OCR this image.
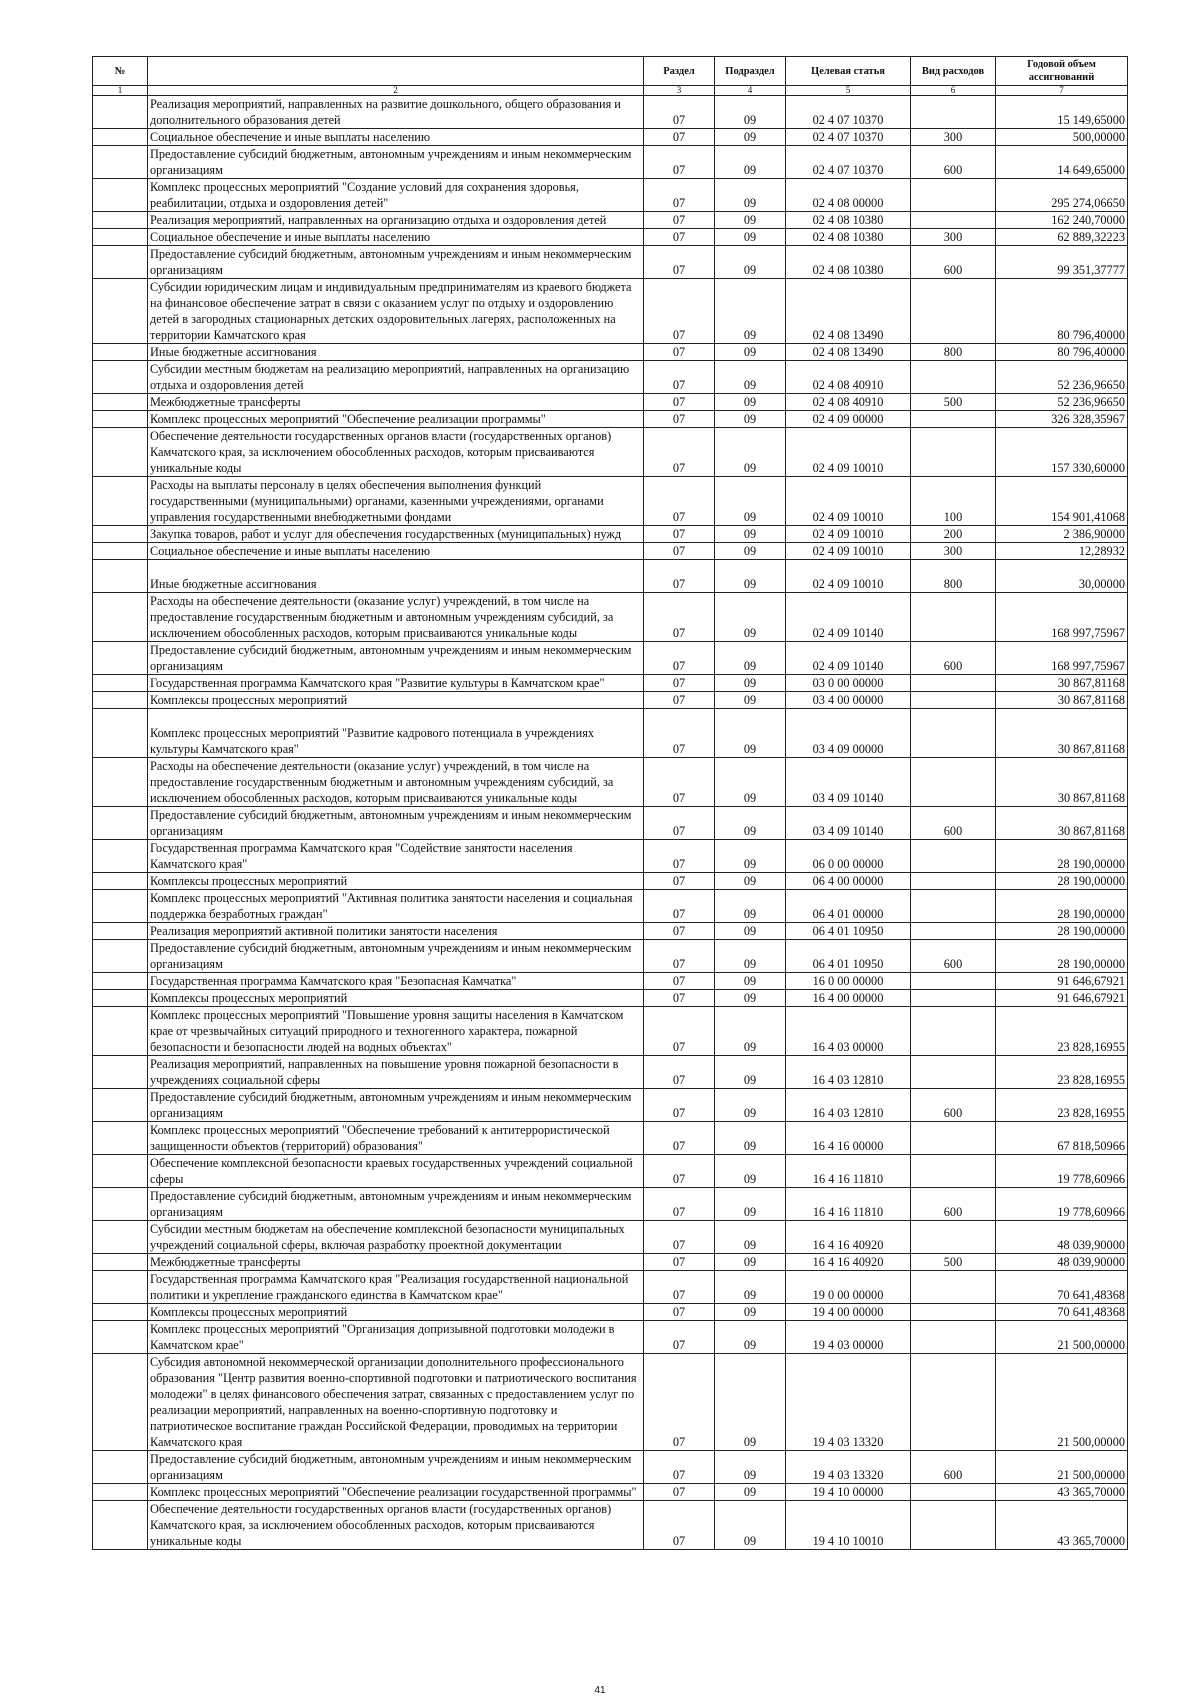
№		Раздел	Подраздел	Целевая статья	Вид расходов	Годовой объем ассигнований
1	2	3	4	5	6	7
	Реализация мероприятий, направленных на развитие дошкольного, общего образования и дополнительного образования детей	07	09	02 4 07 10370		15 149,65000
	Социальное обеспечение и иные выплаты населению	07	09	02 4 07 10370	300	500,00000
	Предоставление субсидий бюджетным, автономным учреждениям и иным некоммерческим организациям	07	09	02 4 07 10370	600	14 649,65000
	Комплекс процессных мероприятий "Создание условий для сохранения здоровья, реабилитации, отдыха и оздоровления детей"	07	09	02 4 08 00000		295 274,06650
	Реализация мероприятий, направленных на организацию отдыха и оздоровления детей	07	09	02 4 08 10380		162 240,70000
	Социальное обеспечение и иные выплаты населению	07	09	02 4 08 10380	300	62 889,32223
	Предоставление субсидий бюджетным, автономным учреждениям и иным некоммерческим организациям	07	09	02 4 08 10380	600	99 351,37777
	Субсидии юридическим лицам и индивидуальным предпринимателям из краевого бюджета на финансовое обеспечение затрат в связи с оказанием услуг по отдыху и оздоровлению детей в загородных стационарных детских оздоровительных лагерях, расположенных на территории Камчатского края	07	09	02 4 08 13490		80 796,40000
	Иные бюджетные ассигнования	07	09	02 4 08 13490	800	80 796,40000
	Субсидии местным бюджетам на реализацию мероприятий, направленных на организацию отдыха и оздоровления детей	07	09	02 4 08 40910		52 236,96650
	Межбюджетные трансферты	07	09	02 4 08 40910	500	52 236,96650
	Комплекс процессных мероприятий "Обеспечение реализации программы"	07	09	02 4 09 00000		326 328,35967
	Обеспечение деятельности государственных органов власти (государственных органов) Камчатского края, за исключением обособленных расходов, которым присваиваются уникальные коды	07	09	02 4 09 10010		157 330,60000
	Расходы на выплаты персоналу в целях обеспечения выполнения функций государственными (муниципальными) органами, казенными учреждениями, органами управления государственными внебюджетными фондами	07	09	02 4 09 10010	100	154 901,41068
	Закупка товаров, работ и услуг для обеспечения государственных (муниципальных) нужд	07	09	02 4 09 10010	200	2 386,90000
	Социальное обеспечение и иные выплаты населению	07	09	02 4 09 10010	300	12,28932
	Иные бюджетные ассигнования	07	09	02 4 09 10010	800	30,00000
	Расходы на обеспечение деятельности (оказание услуг) учреждений, в том числе на предоставление государственным бюджетным и автономным учреждениям субсидий, за исключением обособленных расходов, которым присваиваются уникальные коды	07	09	02 4 09 10140		168 997,75967
	Предоставление субсидий бюджетным, автономным учреждениям и иным некоммерческим организациям	07	09	02 4 09 10140	600	168 997,75967
	Государственная программа Камчатского края "Развитие культуры в Камчатском крае"	07	09	03 0 00 00000		30 867,81168
	Комплексы процессных мероприятий	07	09	03 4 00 00000		30 867,81168
	Комплекс процессных мероприятий "Развитие кадрового потенциала в учреждениях культуры Камчатского края"	07	09	03 4 09 00000		30 867,81168
	Расходы на обеспечение деятельности (оказание услуг) учреждений, в том числе на предоставление государственным бюджетным и автономным учреждениям субсидий, за исключением обособленных расходов, которым присваиваются уникальные коды	07	09	03 4 09 10140		30 867,81168
	Предоставление субсидий бюджетным, автономным учреждениям и иным некоммерческим организациям	07	09	03 4 09 10140	600	30 867,81168
	Государственная программа Камчатского края "Содействие занятости населения Камчатского края"	07	09	06 0 00 00000		28 190,00000
	Комплексы процессных мероприятий	07	09	06 4 00 00000		28 190,00000
	Комплекс процессных мероприятий "Активная политика занятости населения и социальная поддержка безработных граждан"	07	09	06 4 01 00000		28 190,00000
	Реализация мероприятий активной политики занятости населения	07	09	06 4 01 10950		28 190,00000
	Предоставление субсидий бюджетным, автономным учреждениям и иным некоммерческим организациям	07	09	06 4 01 10950	600	28 190,00000
	Государственная программа Камчатского края "Безопасная Камчатка"	07	09	16 0 00 00000		91 646,67921
	Комплексы процессных мероприятий	07	09	16 4 00 00000		91 646,67921
	Комплекс процессных мероприятий "Повышение уровня защиты населения в Камчатском крае от чрезвычайных ситуаций природного и техногенного характера, пожарной безопасности и безопасности людей на водных объектах"	07	09	16 4 03 00000		23 828,16955
	Реализация мероприятий, направленных на повышение уровня пожарной безопасности в учреждениях социальной сферы	07	09	16 4 03 12810		23 828,16955
	Предоставление субсидий бюджетным, автономным учреждениям и иным некоммерческим организациям	07	09	16 4 03 12810	600	23 828,16955
	Комплекс процессных мероприятий "Обеспечение требований к антитеррористической защищенности объектов (территорий) образования"	07	09	16 4 16 00000		67 818,50966
	Обеспечение комплексной безопасности краевых государственных учреждений социальной сферы	07	09	16 4 16 11810		19 778,60966
	Предоставление субсидий бюджетным, автономным учреждениям и иным некоммерческим организациям	07	09	16 4 16 11810	600	19 778,60966
	Субсидии местным бюджетам на обеспечение комплексной безопасности муниципальных учреждений социальной сферы, включая разработку проектной документации	07	09	16 4 16 40920		48 039,90000
	Межбюджетные трансферты	07	09	16 4 16 40920	500	48 039,90000
	Государственная программа Камчатского края "Реализация государственной национальной политики и укрепление гражданского единства в Камчатском крае"	07	09	19 0 00 00000		70 641,48368
	Комплексы процессных мероприятий	07	09	19 4 00 00000		70 641,48368
	Комплекс процессных мероприятий "Организация допризывной подготовки молодежи в Камчатском крае"	07	09	19 4 03 00000		21 500,00000
	Субсидия автономной некоммерческой организации дополнительного профессионального образования "Центр развития военно-спортивной подготовки и патриотического воспитания молодежи" в целях финансового обеспечения затрат, связанных с предоставлением услуг по реализации мероприятий, направленных на военно-спортивную подготовку и патриотическое воспитание граждан Российской Федерации, проводимых на территории Камчатского края	07	09	19 4 03 13320		21 500,00000
	Предоставление субсидий бюджетным, автономным учреждениям и иным некоммерческим организациям	07	09	19 4 03 13320	600	21 500,00000
	Комплекс процессных мероприятий "Обеспечение реализации государственной программы"	07	09	19 4 10 00000		43 365,70000
	Обеспечение деятельности государственных органов власти (государственных органов) Камчатского края, за исключением обособленных расходов, которым присваиваются уникальные коды	07	09	19 4 10 10010		43 365,70000
41
